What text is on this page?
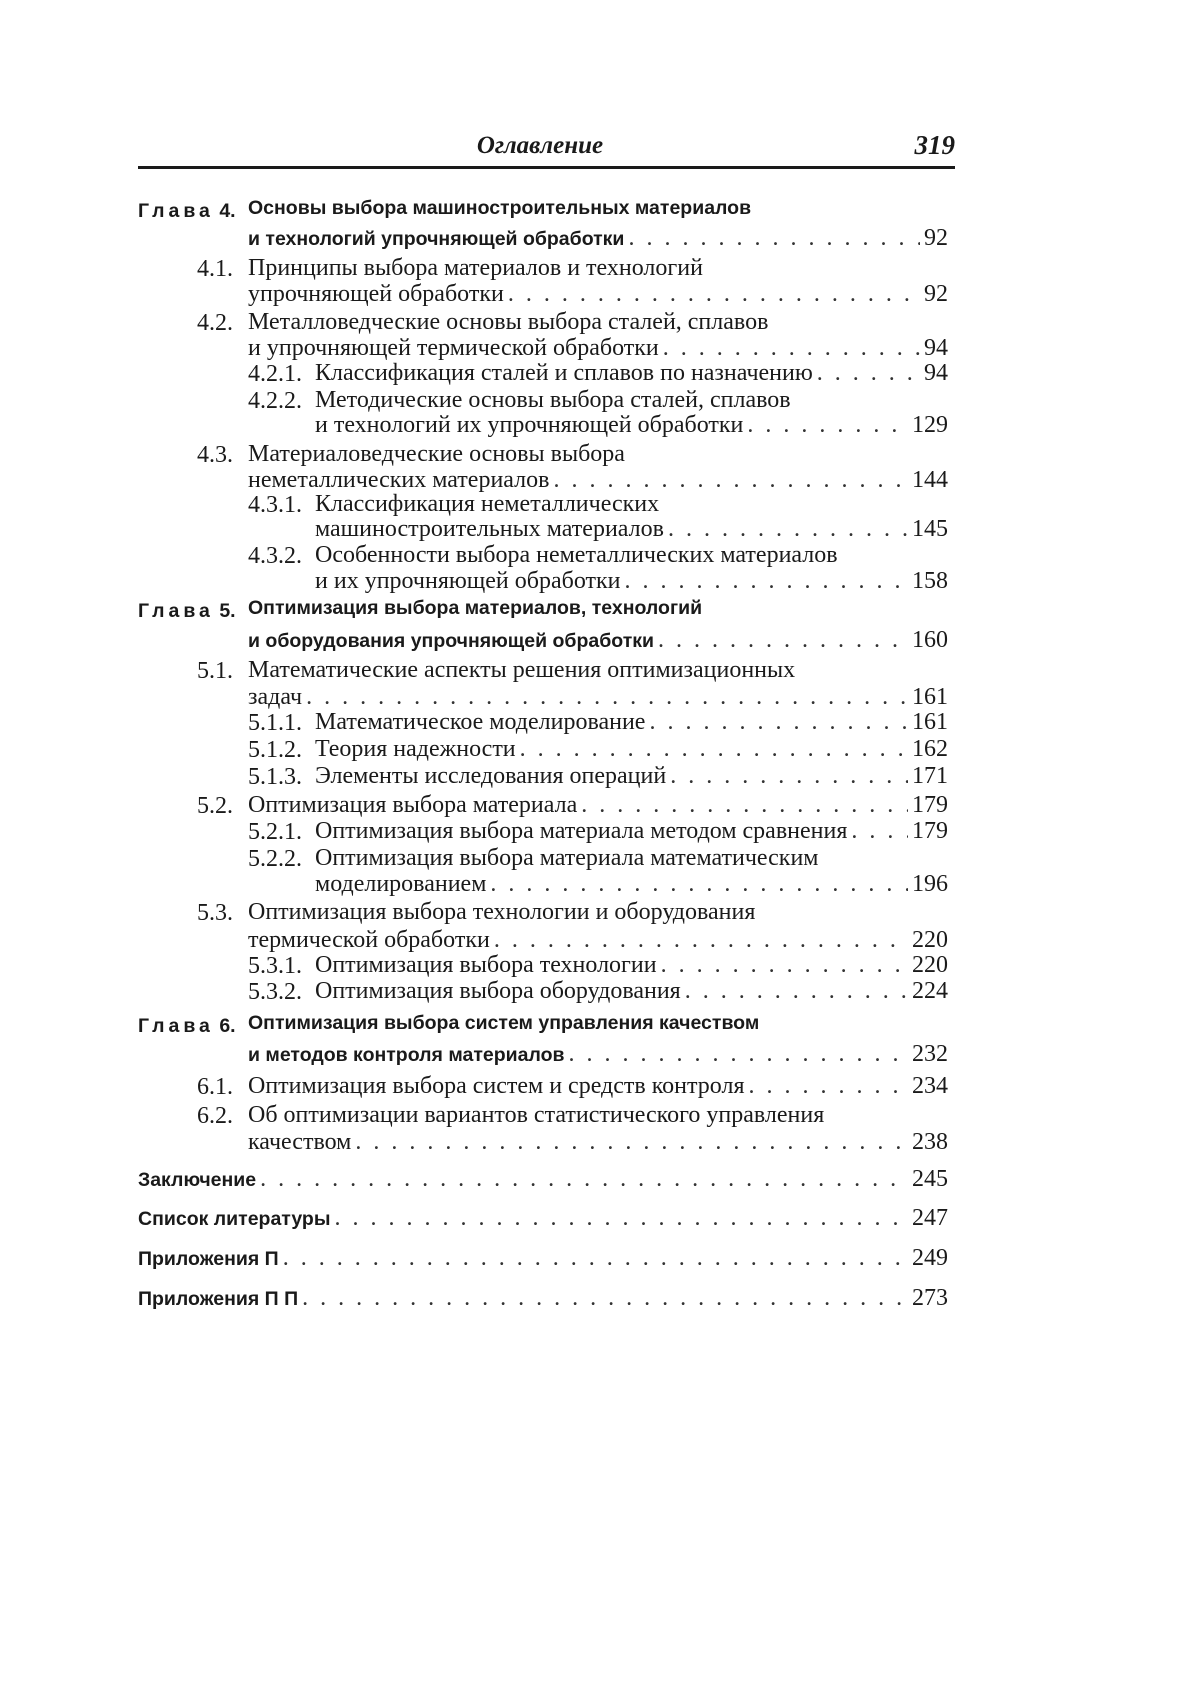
Оглавление	319
Глава 4. Основы выбора машиностроительных материалов
и технологий упрочняющей обработки . . .	92
4.1. Принципы выбора материалов и технологий
упрочняющей обработки . . .	92
4.2. Металловедческие основы выбора сталей, сплавов
и упрочняющей термической обработки . . .	94
4.2.1. Классификация сталей и сплавов по назначению . . .	94
4.2.2. Методические основы выбора сталей, сплавов
и технологий их упрочняющей обработки . . .	129
4.3. Материаловедческие основы выбора
неметаллических материалов . . .	144
4.3.1. Классификация неметаллических
машиностроительных материалов . . .	145
4.3.2. Особенности выбора неметаллических материалов
и их упрочняющей обработки . . .	158
Глава 5. Оптимизация выбора материалов, технологий
и оборудования упрочняющей обработки . . .	160
5.1. Математические аспекты решения оптимизационных
задач . . .	161
5.1.1. Математическое моделирование . . .	161
5.1.2. Теория надежности . . .	162
5.1.3. Элементы исследования операций . . .	171
5.2. Оптимизация выбора материала . . .	179
5.2.1. Оптимизация выбора материала методом сравнения . . .	179
5.2.2. Оптимизация выбора материала математическим
моделированием . . .	196
5.3. Оптимизация выбора технологии и оборудования
термической обработки . . .	220
5.3.1. Оптимизация выбора технологии . . .	220
5.3.2. Оптимизация выбора оборудования . . .	224
Глава 6. Оптимизация выбора систем управления качеством
и методов контроля материалов . . .	232
6.1. Оптимизация выбора систем и средств контроля . . .	234
6.2. Об оптимизации вариантов статистического управления
качеством . . .	238
Заключение . . .	245
Список литературы . . .	247
Приложения П . . .	249
Приложения П П . . .	273
